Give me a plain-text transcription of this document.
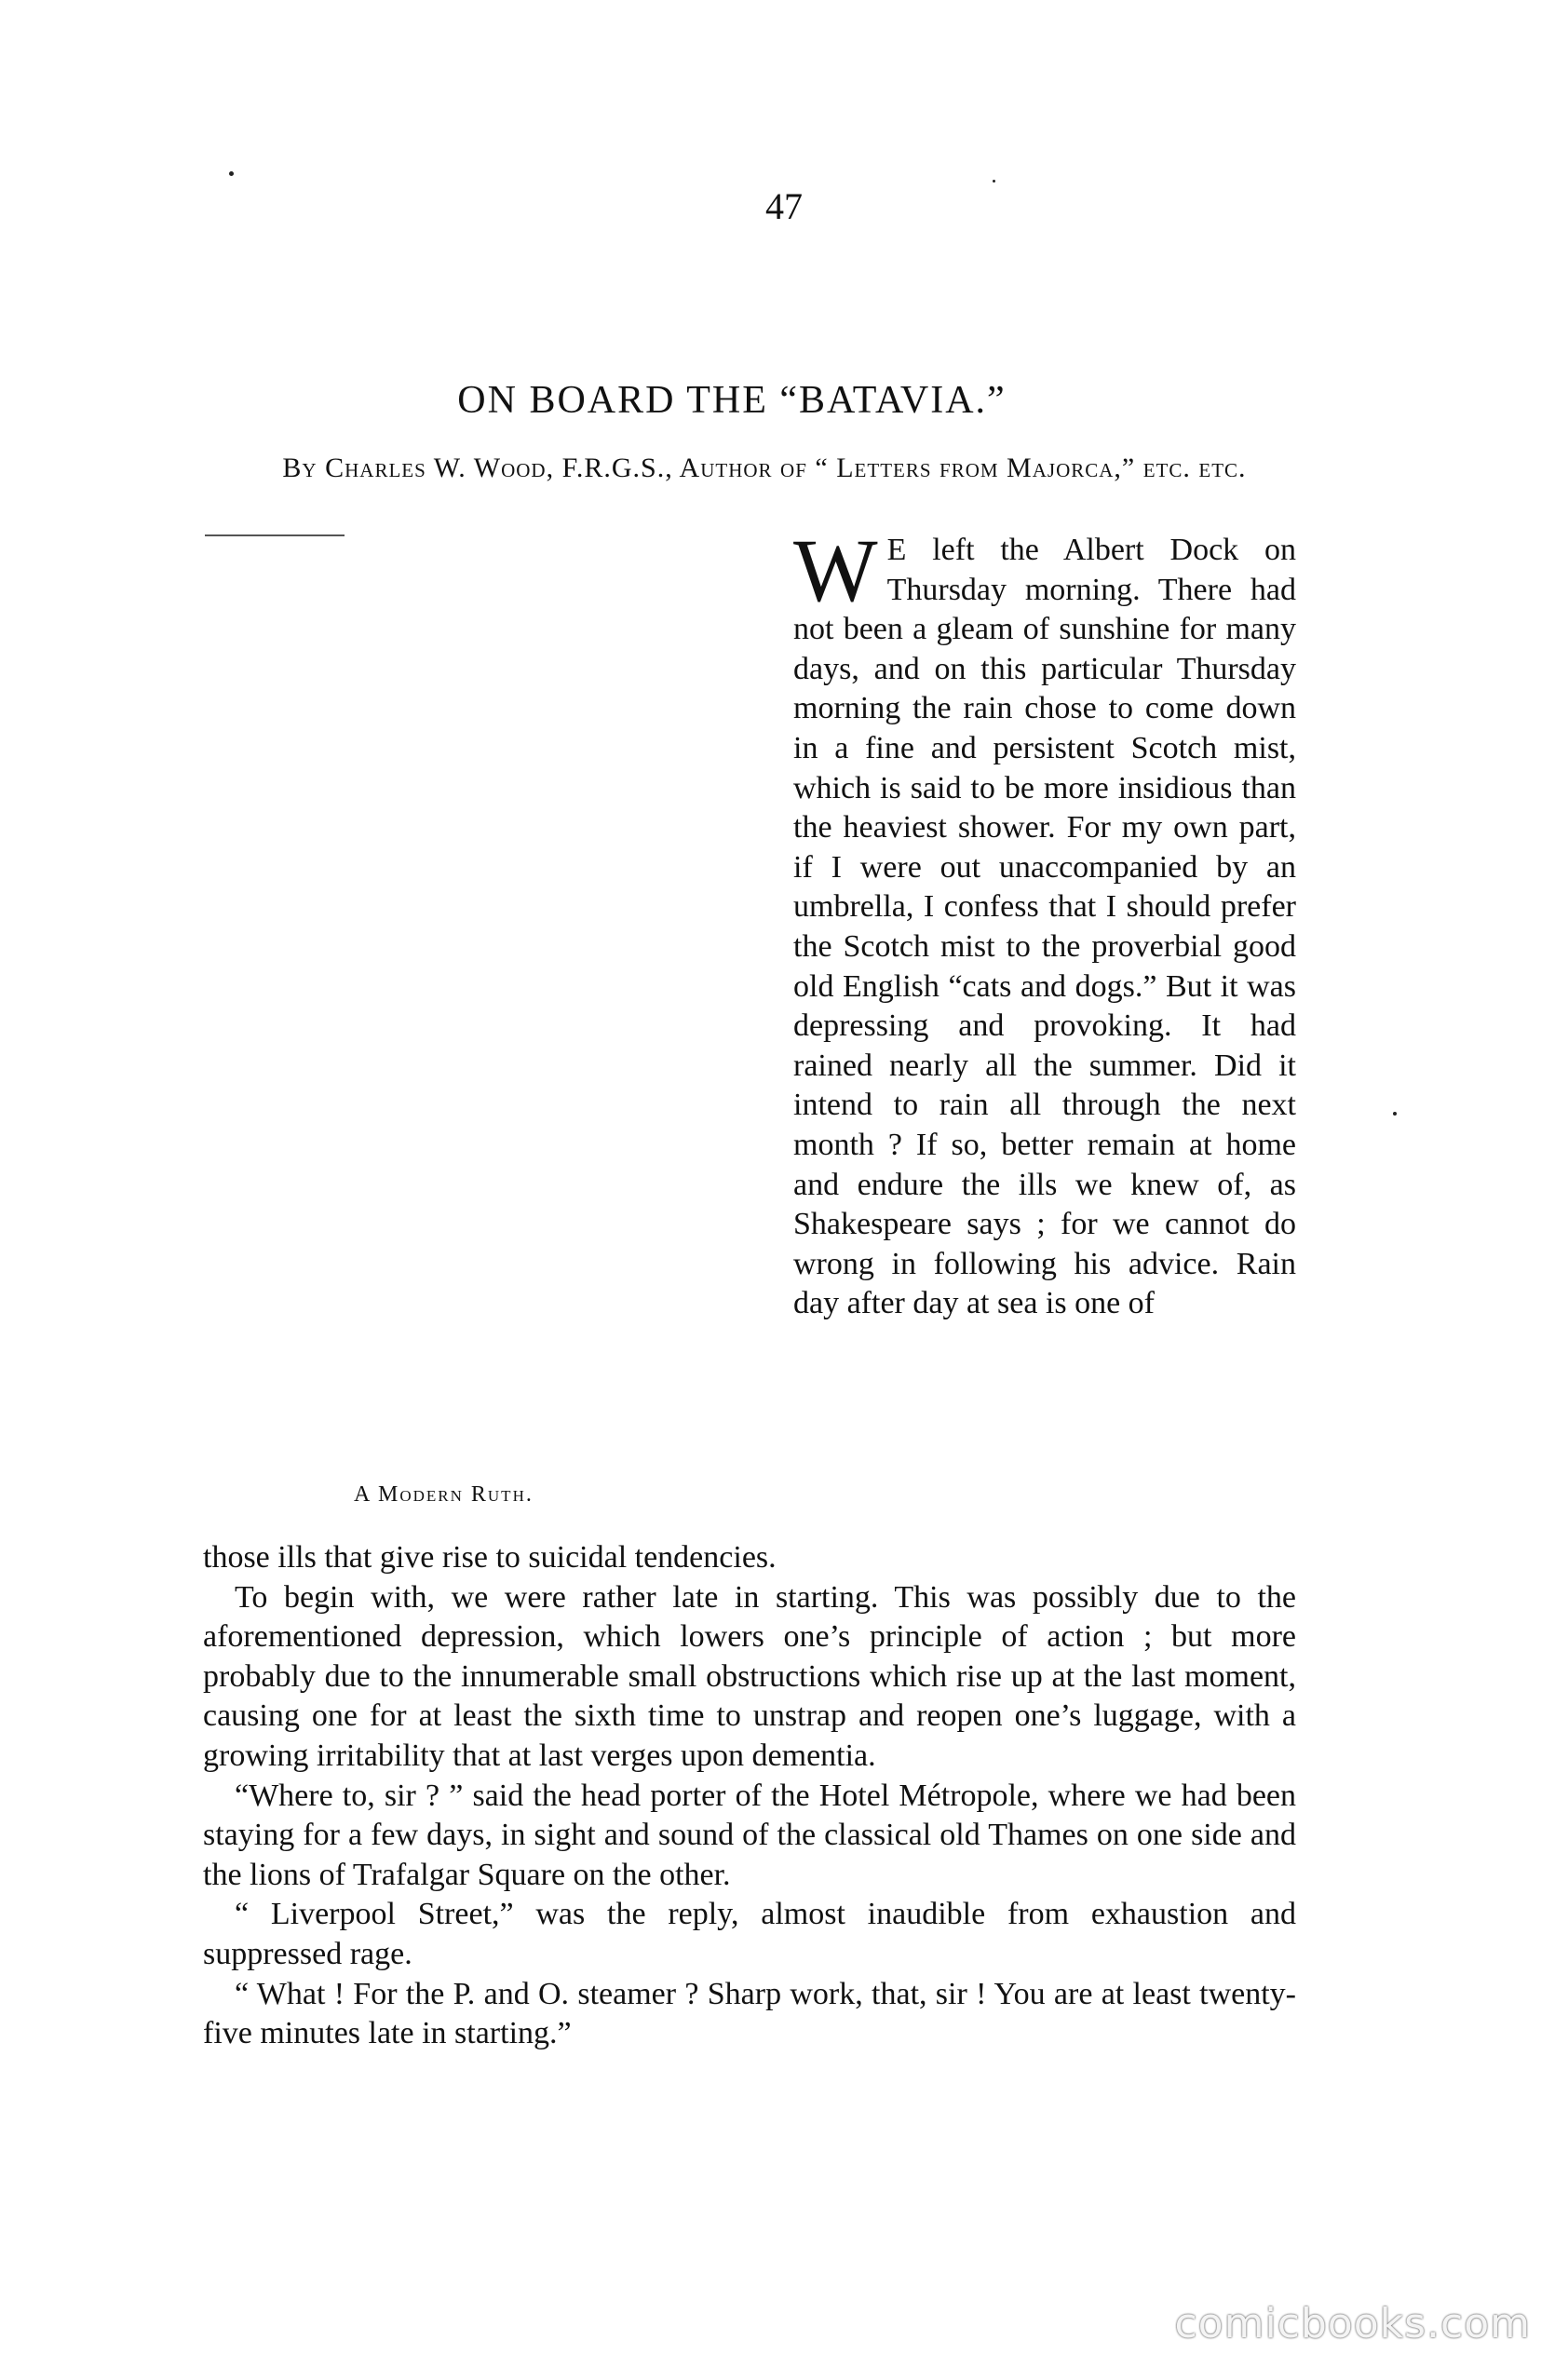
47
ON BOARD THE “BATAVIA.”
By Charles W. Wood, F.R.G.S., Author of “ Letters from Majorca,” etc. etc.
A Modern Ruth.

W E left the Albert Dock on Thursday morning. There had not been a gleam of sunshine for many days, and on this particular Thursday morning the rain chose to come down in a fine and persistent Scotch mist, which is said to be more insidious than the heaviest shower. For my own part, if I were out unaccompanied by an umbrella, I confess that I should prefer the Scotch mist to the proverbial good old English “cats and dogs.” But it was depressing and provoking. It had rained nearly all the summer. Did it intend to rain all through the next month ? If so, better remain at home and endure the ills we knew of, as Shakespeare says ; for we cannot do wrong in following his advice. Rain day after day at sea is one of

those ills that give rise to suicidal tendencies.

To begin with, we were rather late in starting. This was possibly due to the aforementioned depression, which lowers one’s principle of action ; but more probably due to the innumerable small obstructions which rise up at the last moment, causing one for at least the sixth time to unstrap and reopen one’s luggage, with a growing irritability that at last verges upon dementia.

“Where to, sir ? ” said the head porter of the Hotel Métropole, where we had been staying for a few days, in sight and sound of the classical old Thames on one side and the lions of Trafalgar Square on the other.

“ Liverpool Street,” was the reply, almost inaudible from exhaustion and suppressed rage.

“ What ! For the P. and O. steamer ? Sharp work, that, sir ! You are at least twenty-five minutes late in starting.”

comicbooks.com
